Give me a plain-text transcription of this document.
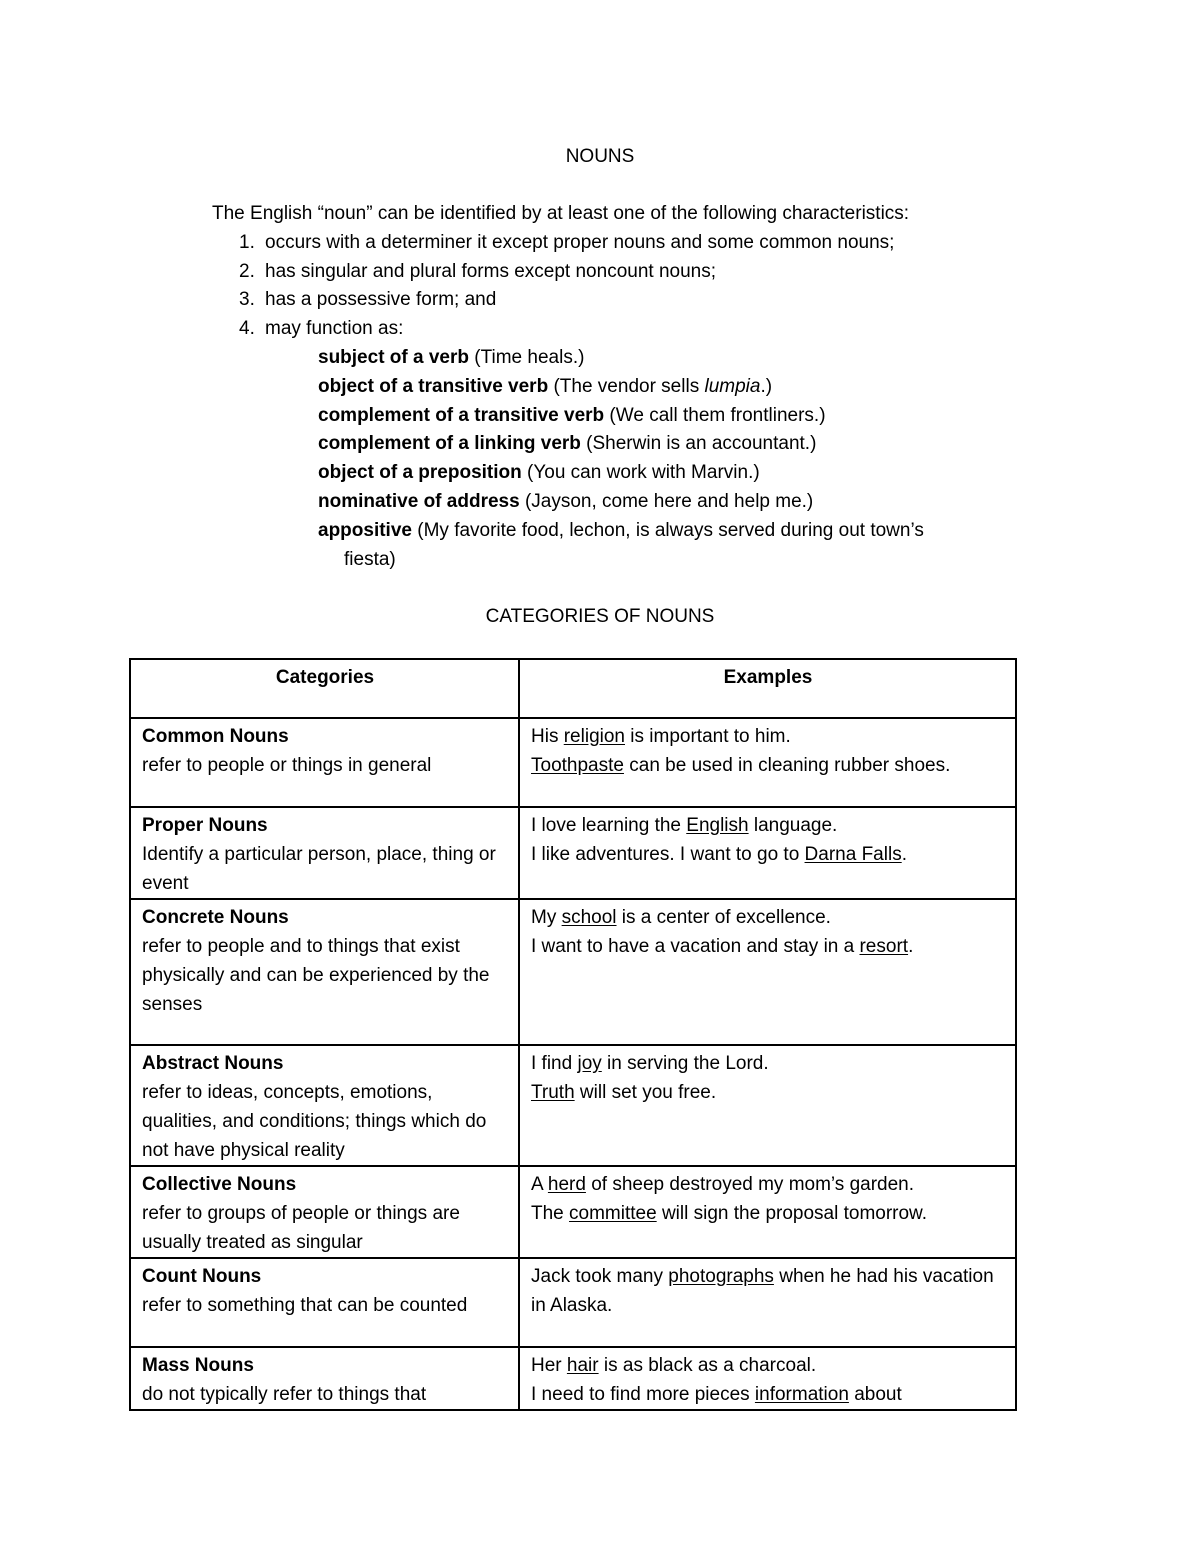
NOUNS

The English “noun” can be identified by at least one of the following characteristics:

1. occurs with a determiner it except proper nouns and some common nouns;
2. has singular and plural forms except noncount nouns;
3. has a possessive form; and
4. may function as:
subject of a verb (Time heals.)
object of a transitive verb (The vendor sells lumpia.)
complement of a transitive verb (We call them frontliners.)
complement of a linking verb (Sherwin is an accountant.)
object of a preposition (You can work with Marvin.)
nominative of address (Jayson, come here and help me.)
appositive (My favorite food, lechon, is always served during out town’s
fiesta)
CATEGORIES OF NOUNS
Categories	Examples

Common Nouns
refer to people or things in general	His religion is important to him.
Toothpaste can be used in cleaning rubber shoes.

Proper Nouns
Identify a particular person, place, thing or event	I love learning the English language.
I like adventures. I want to go to Darna Falls.

Concrete Nouns
refer to people and to things that exist physically and can be experienced by the senses	My school is a center of excellence.
I want to have a vacation and stay in a resort.

Abstract Nouns
refer to ideas, concepts, emotions, qualities, and conditions; things which do not have physical reality	I find joy in serving the Lord.
Truth will set you free.

Collective Nouns
refer to groups of people or things are usually treated as singular	A herd of sheep destroyed my mom’s garden.
The committee will sign the proposal tomorrow.

Count Nouns
refer to something that can be counted	Jack took many photographs when he had his vacation in Alaska.

Mass Nouns
do not typically refer to things that	Her hair is as black as a charcoal.
I need to find more pieces information about
